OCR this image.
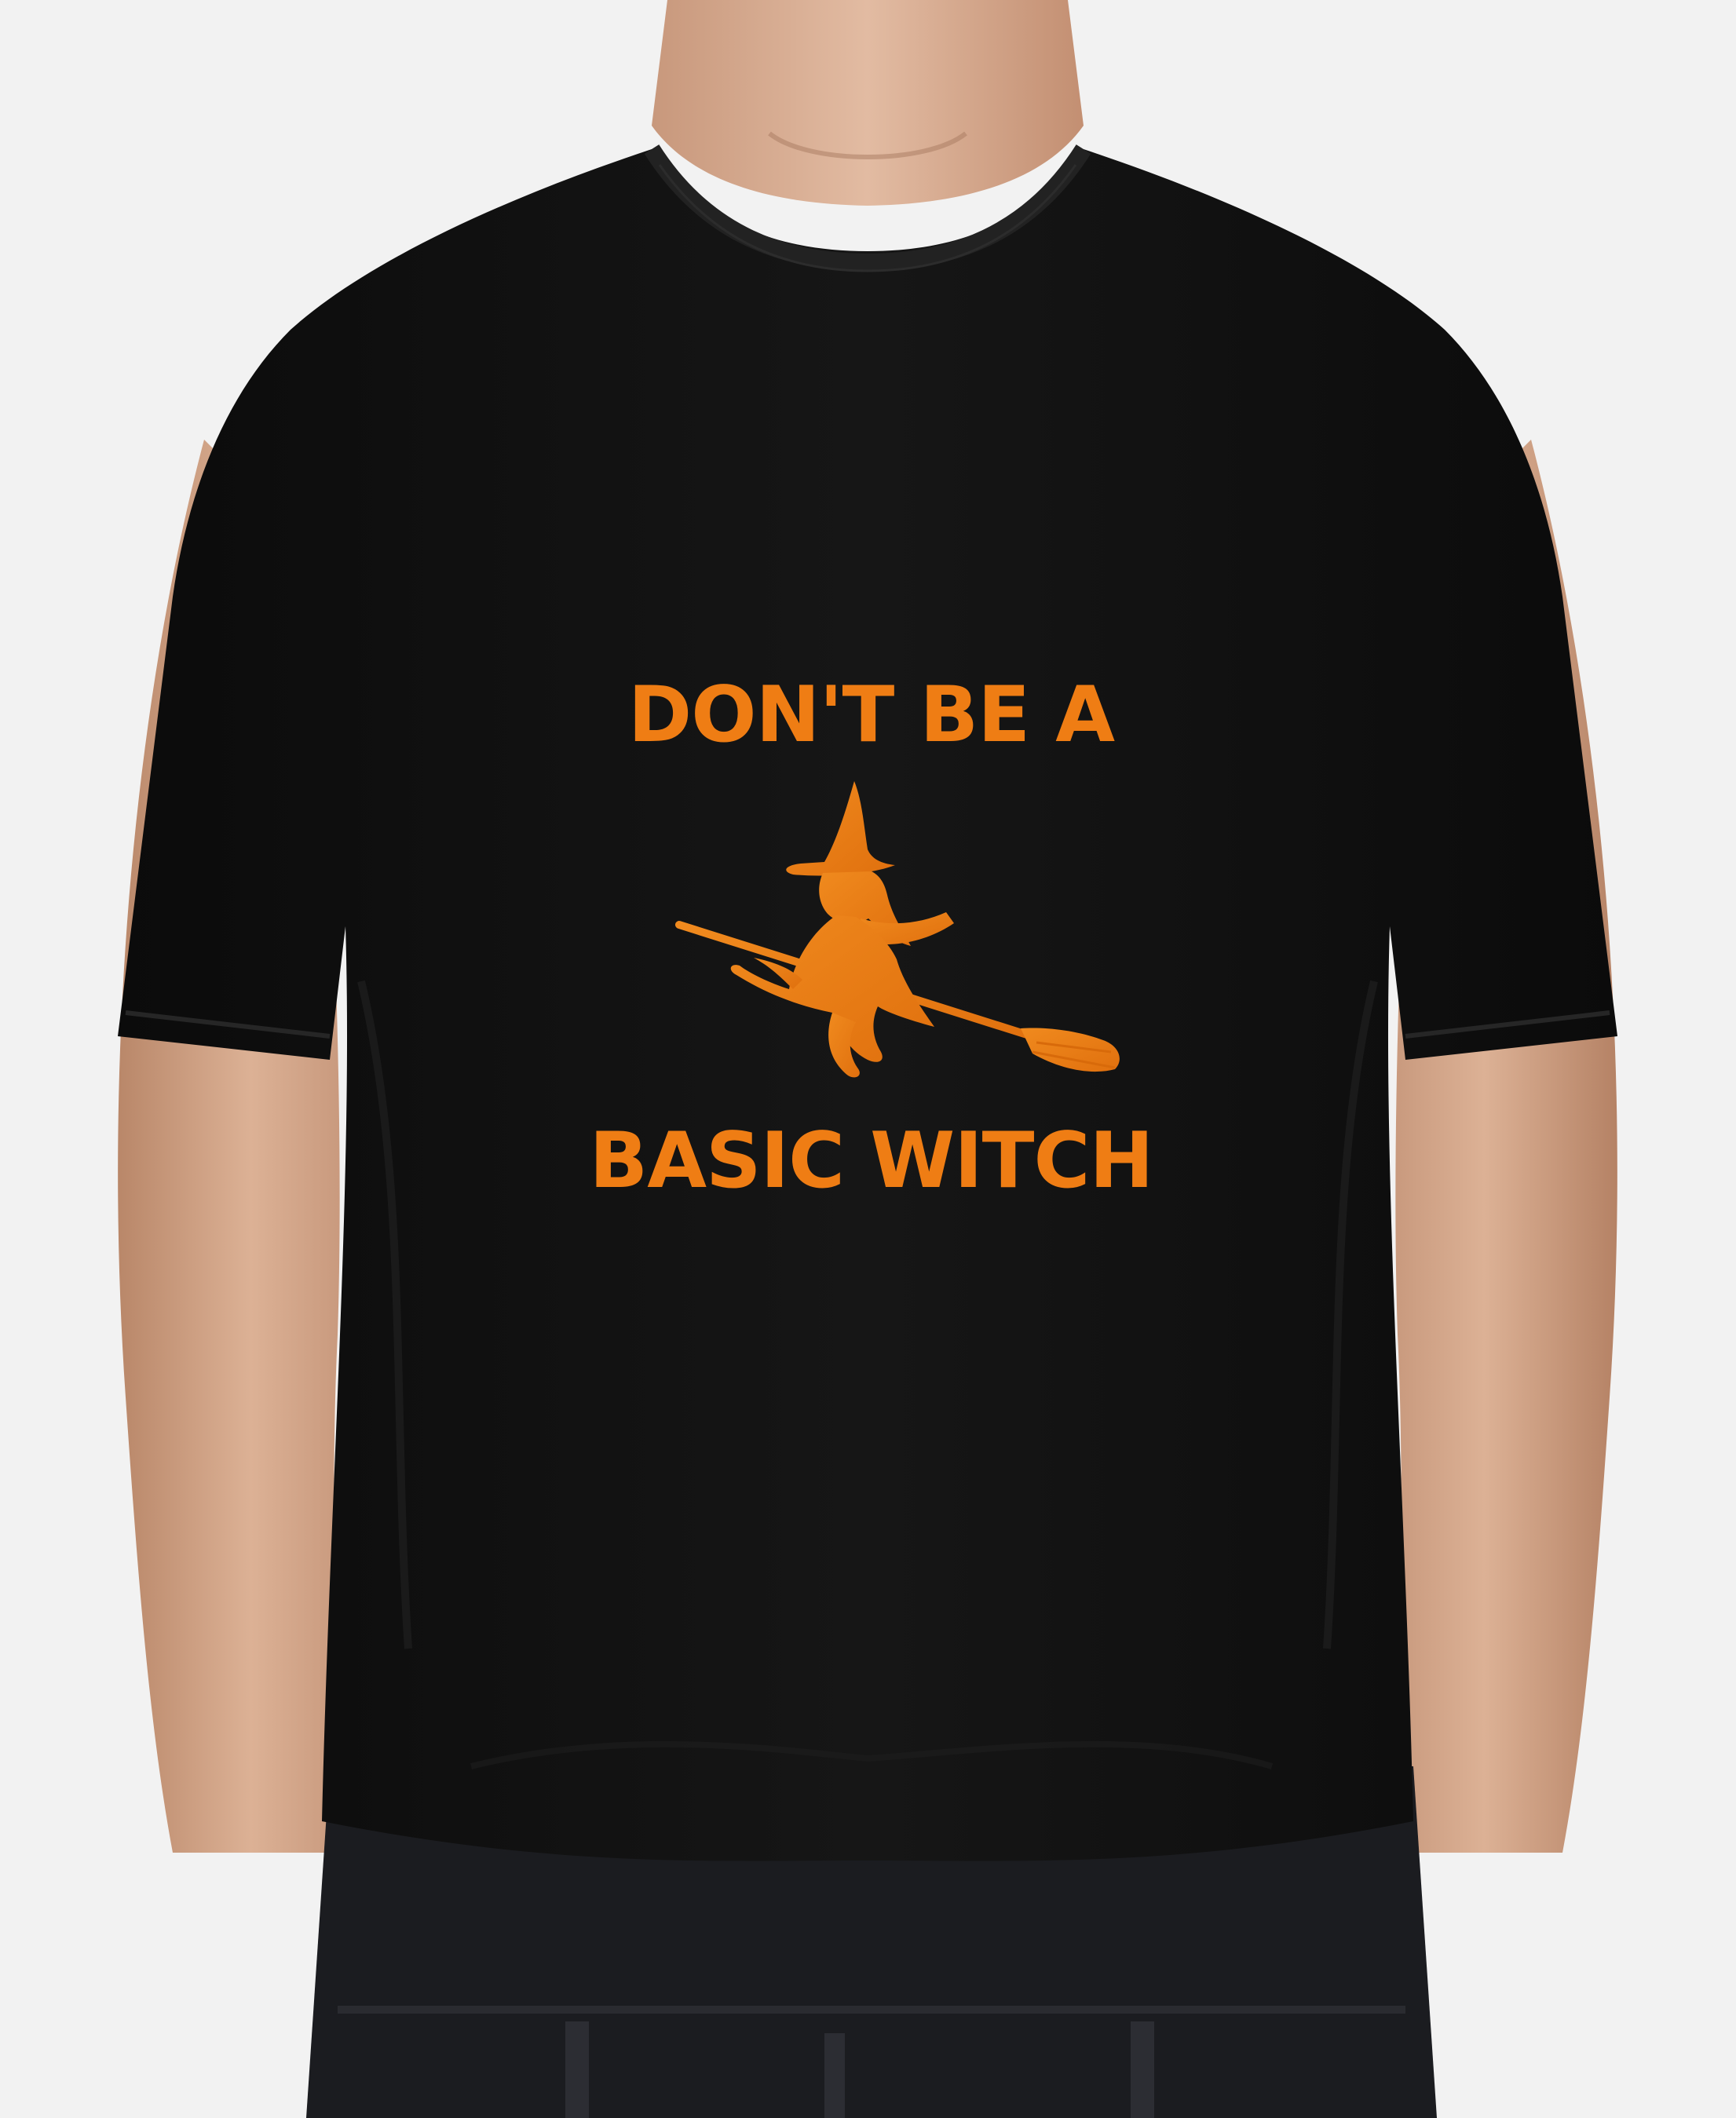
DON'T BE A
BASIC WITCH
